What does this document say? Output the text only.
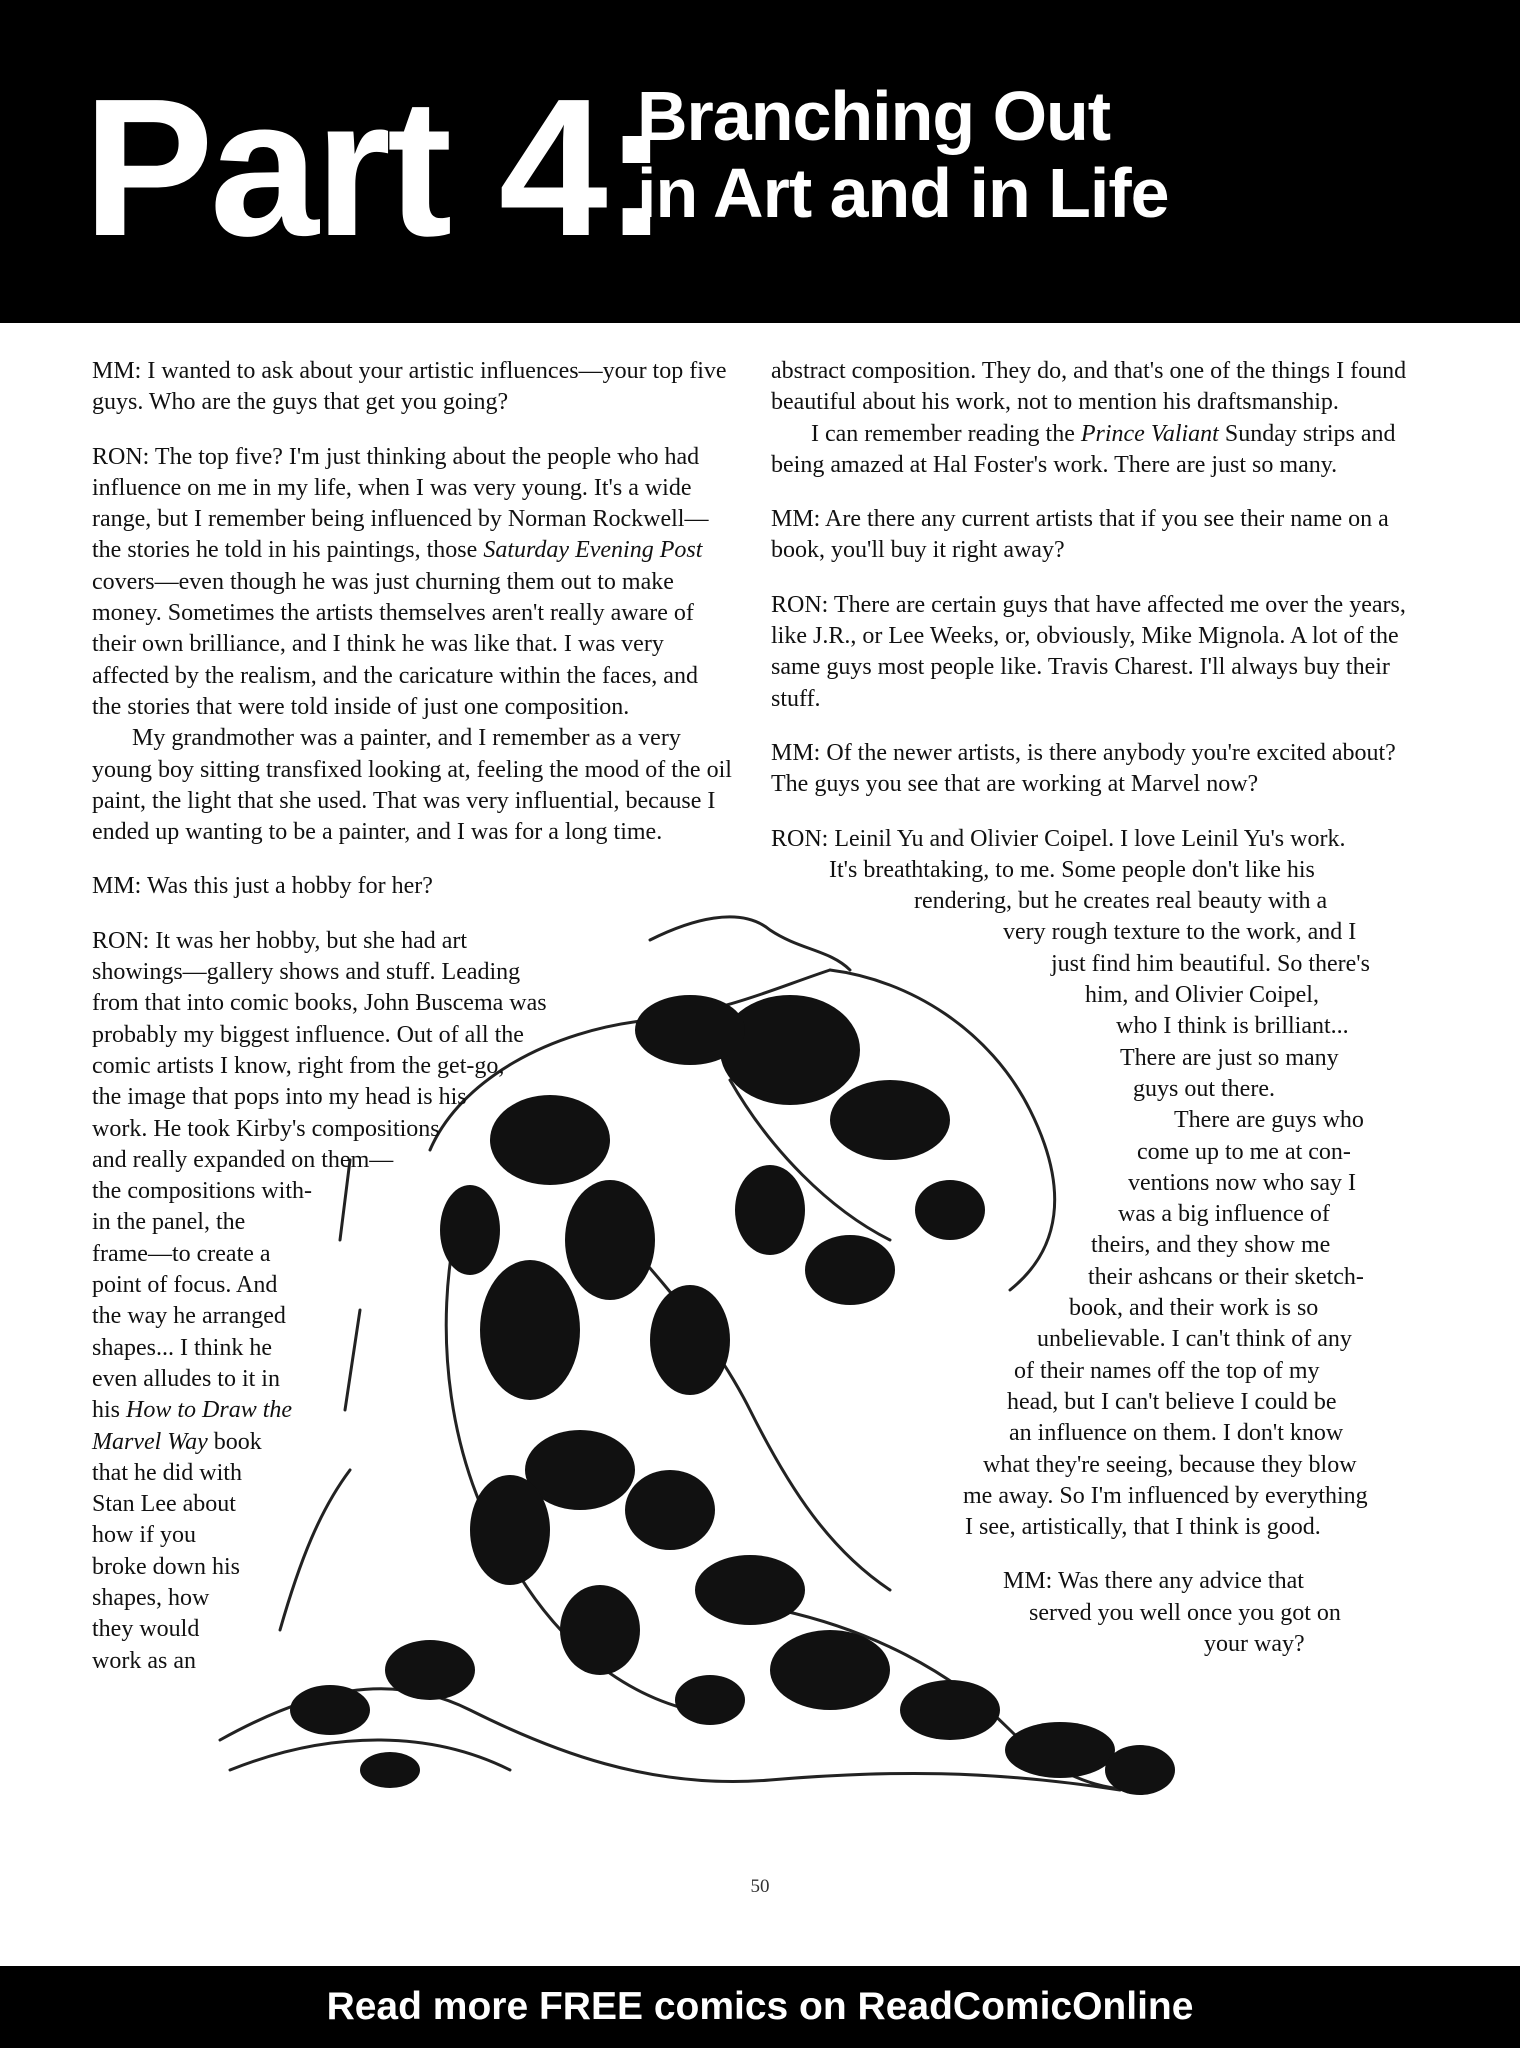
Part 4:
Branching Out
in Art and in Life

MM: I wanted to ask about your artistic influences—your top five guys. Who are the guys that get you going?

RON: The top five? I'm just thinking about the people who had influence on me in my life, when I was very young. It's a wide range, but I remember being influenced by Norman Rockwell—the stories he told in his paintings, those Saturday Evening Post covers—even though he was just churning them out to make money. Sometimes the artists themselves aren't really aware of their own brilliance, and I think he was like that. I was very affected by the realism, and the caricature within the faces, and the stories that were told inside of just one composition.

My grandmother was a painter, and I remember as a very young boy sitting transfixed looking at, feeling the mood of the oil paint, the light that she used. That was very influential, because I ended up wanting to be a painter, and I was for a long time.

MM: Was this just a hobby for her?

RON: It was her hobby, but she had art
showings—gallery shows and stuff. Leading
from that into comic books, John Buscema was
probably my biggest influence. Out of all the
comic artists I know, right from the get-go,
the image that pops into my head is his
work. He took Kirby's compositions
and really expanded on them—
the compositions with-
in the panel, the
frame—to create a
point of focus. And
the way he arranged
shapes... I think he
even alludes to it in
his How to Draw the
Marvel Way book
that he did with
Stan Lee about
how if you
broke down his
shapes, how
they would
work as an

abstract composition. They do, and that's one of the things I found beautiful about his work, not to mention his draftsmanship.

I can remember reading the Prince Valiant Sunday strips and being amazed at Hal Foster's work. There are just so many.

MM: Are there any current artists that if you see their name on a book, you'll buy it right away?

RON: There are certain guys that have affected me over the years, like J.R., or Lee Weeks, or, obviously, Mike Mignola. A lot of the same guys most people like. Travis Charest. I'll always buy their stuff.

MM: Of the newer artists, is there anybody you're excited about? The guys you see that are working at Marvel now?

RON: Leinil Yu and Olivier Coipel. I love Leinil Yu's work.
It's breathtaking, to me. Some people don't like his
rendering, but he creates real beauty with a
very rough texture to the work, and I
just find him beautiful. So there's
him, and Olivier Coipel,
who I think is brilliant...
There are just so many
guys out there.
There are guys who
come up to me at con-
ventions now who say I
was a big influence of
theirs, and they show me
their ashcans or their sketch-
book, and their work is so
unbelievable. I can't think of any
of their names off the top of my
head, but I can't believe I could be
an influence on them. I don't know
what they're seeing, because they blow
me away. So I'm influenced by everything
I see, artistically, that I think is good.
MM: Was there any advice that
served you well once you got on
your way?
50
Read more FREE comics on ReadComicOnline
